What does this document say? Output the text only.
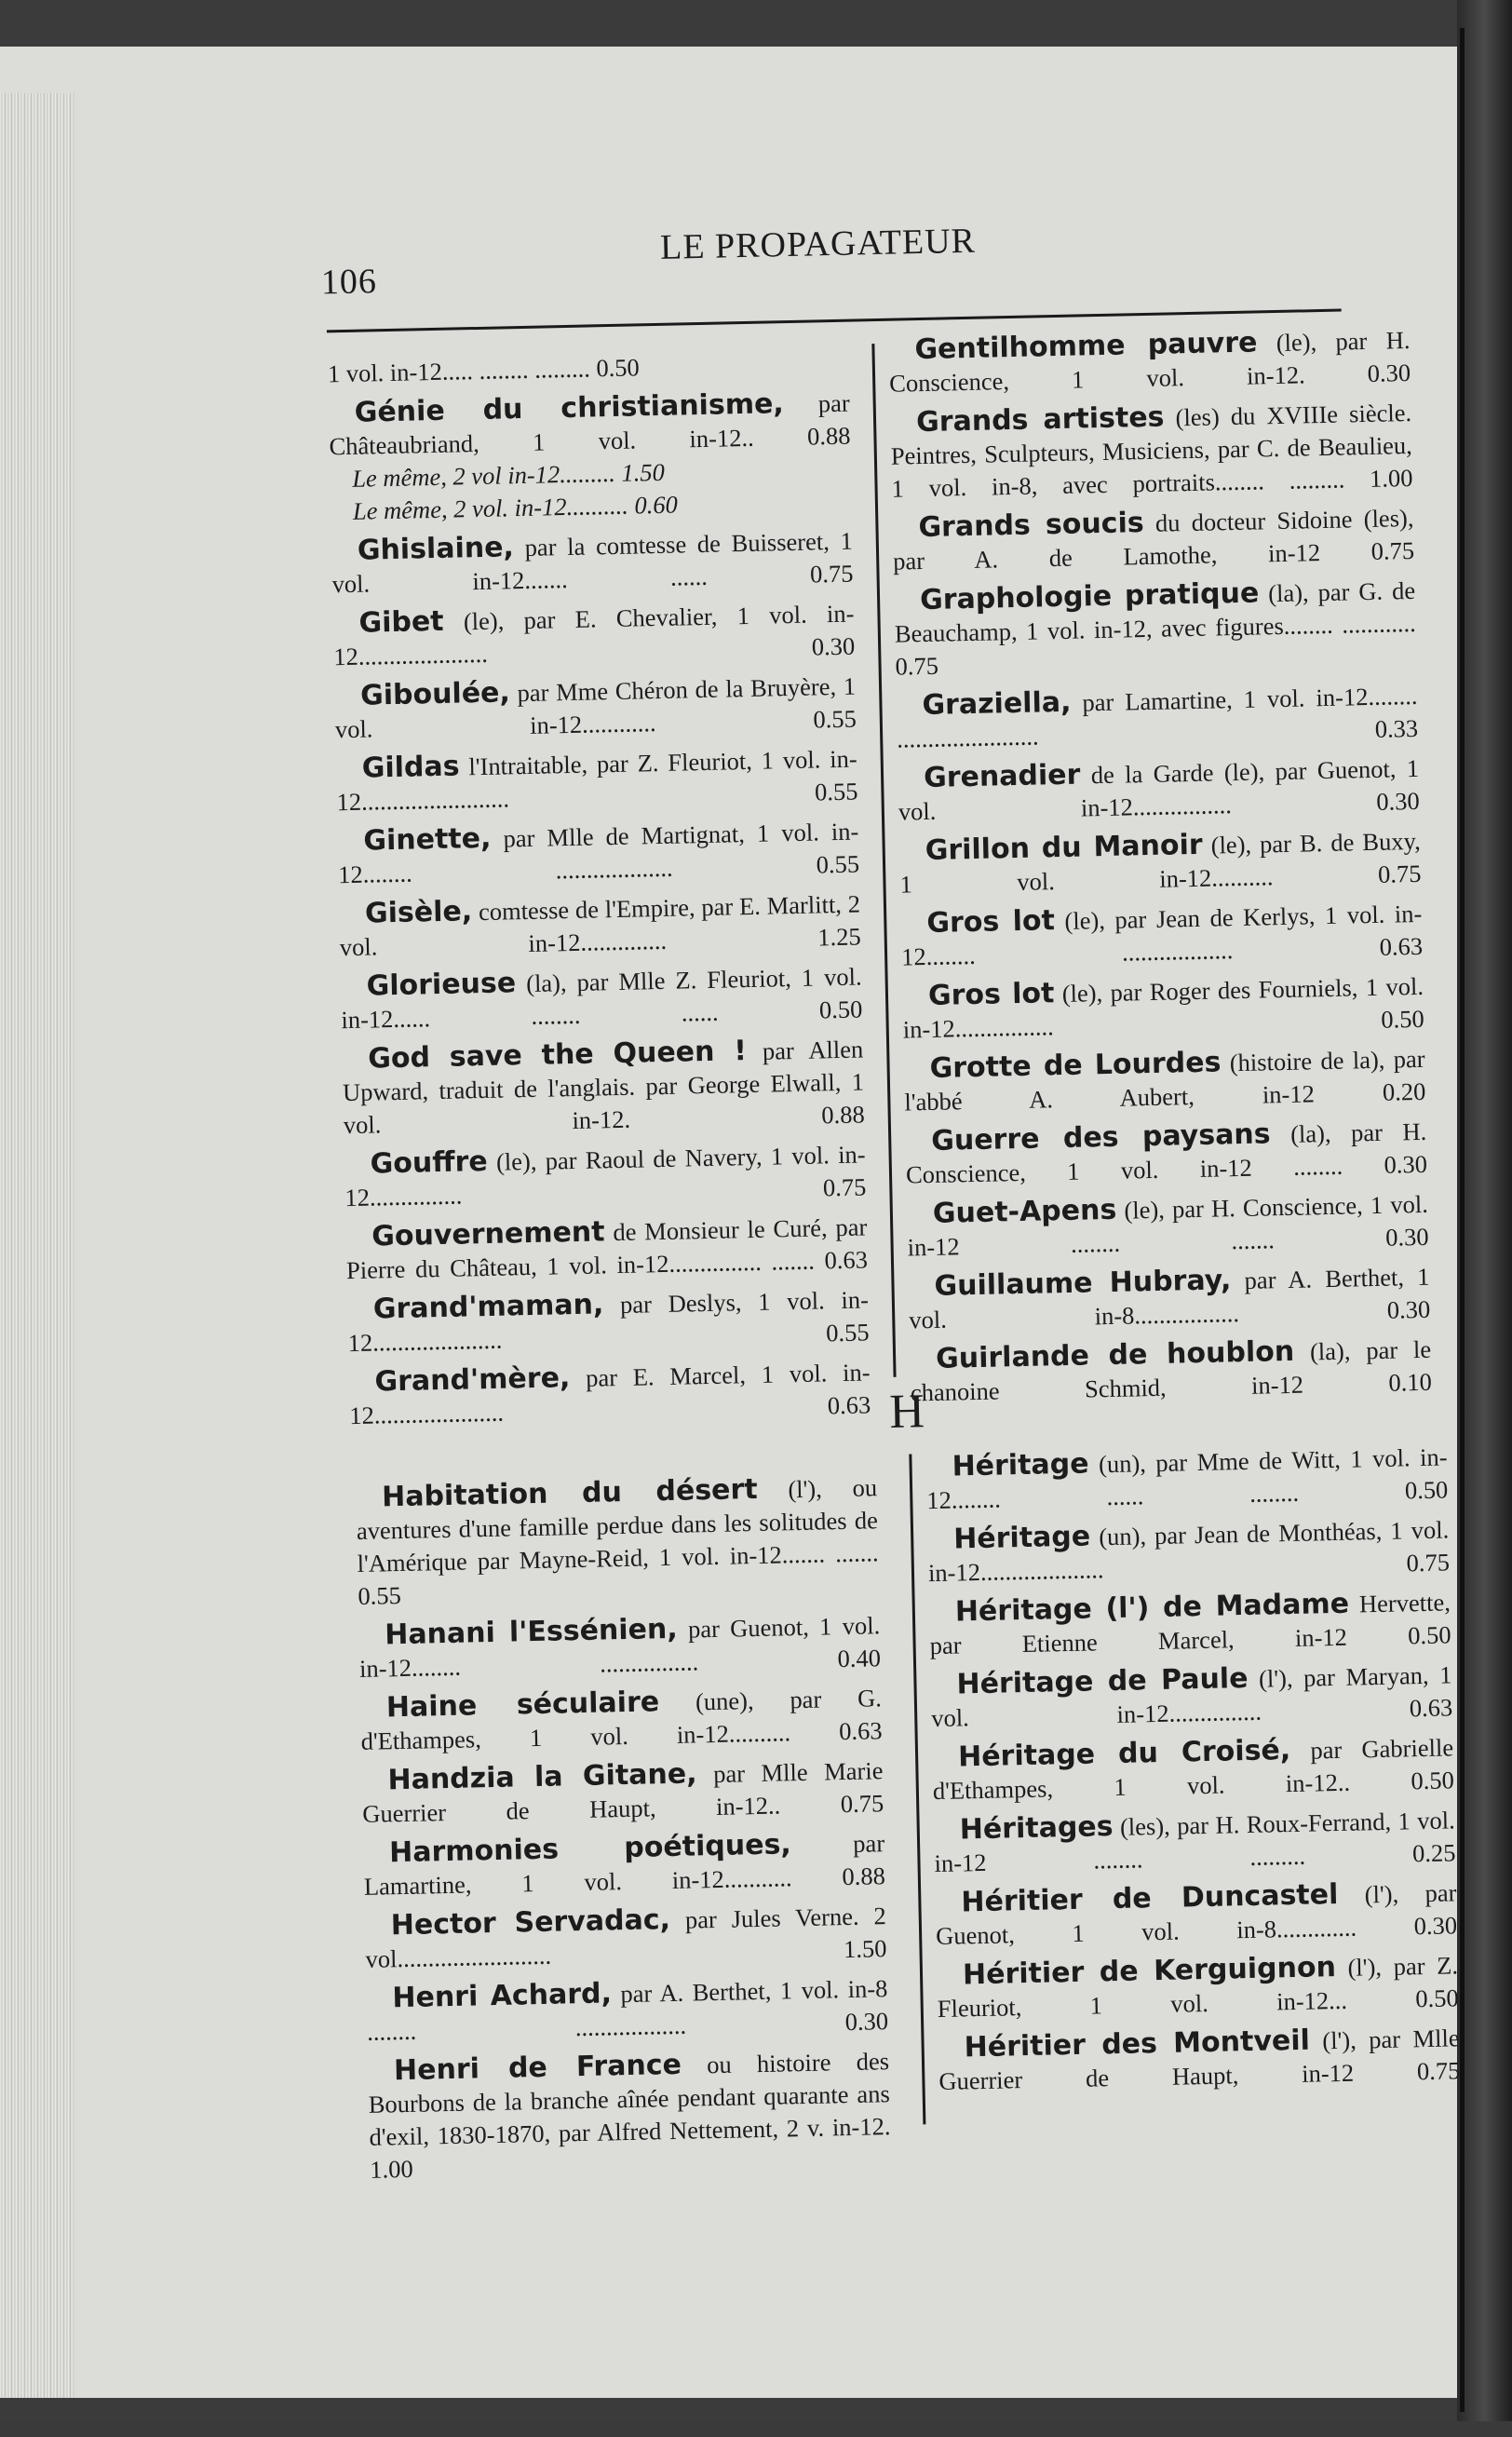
106
LE PROPAGATEUR

1 vol. in-12..... ........ ......... 0.50

Génie du christianisme, par Châteaubriand, 1 vol. in-12.. 0.88

Le même, 2 vol in-12......... 1.50

Le même, 2 vol. in-12.......... 0.60

Ghislaine, par la comtesse de Buisseret, 1 vol. in-12....... ...... 0.75

Gibet (le), par E. Chevalier, 1 vol. in-12..................... 0.30

Giboulée, par Mme Chéron de la Bruyère, 1 vol. in-12............ 0.55

Gildas l'Intraitable, par Z. Fleuriot, 1 vol. in-12........................ 0.55

Ginette, par Mlle de Martignat, 1 vol. in-12........ ................... 0.55

Gisèle, comtesse de l'Empire, par E. Marlitt, 2 vol. in-12.............. 1.25

Glorieuse (la), par Mlle Z. Fleuriot, 1 vol. in-12...... ........ ...... 0.50

God save the Queen ! par Allen Upward, traduit de l'anglais. par George Elwall, 1 vol. in-12. 0.88

Gouffre (le), par Raoul de Navery, 1 vol. in-12............... 0.75

Gouvernement de Monsieur le Curé, par Pierre du Château, 1 vol. in-12............... ....... 0.63

Grand'maman, par Deslys, 1 vol. in-12..................... 0.55

Grand'mère, par E. Marcel, 1 vol. in-12..................... 0.63

Gentilhomme pauvre (le), par H. Conscience, 1 vol. in-12. 0.30

Grands artistes (les) du XVIIIe siècle. Peintres, Sculpteurs, Musiciens, par C. de Beaulieu, 1 vol. in-8, avec portraits........ ......... 1.00

Grands soucis du docteur Sidoine (les), par A. de Lamothe, in-12 0.75

Graphologie pratique (la), par G. de Beauchamp, 1 vol. in-12, avec figures........ ............ 0.75

Graziella, par Lamartine, 1 vol. in-12........ ....................... 0.33

Grenadier de la Garde (le), par Guenot, 1 vol. in-12................ 0.30

Grillon du Manoir (le), par B. de Buxy, 1 vol. in-12.......... 0.75

Gros lot (le), par Jean de Kerlys, 1 vol. in-12........ .................. 0.63

Gros lot (le), par Roger des Fourniels, 1 vol. in-12................ 0.50

Grotte de Lourdes (histoire de la), par l'abbé A. Aubert, in-12 0.20

Guerre des paysans (la), par H. Conscience, 1 vol. in-12 ........ 0.30

Guet-Apens (le), par H. Conscience, 1 vol. in-12 ........ ....... 0.30

Guillaume Hubray, par A. Berthet, 1 vol. in-8................. 0.30

Guirlande de houblon (la), par le chanoine Schmid, in-12 0.10

H

Habitation du désert (l'), ou aventures d'une famille perdue dans les solitudes de l'Amérique par Mayne-Reid, 1 vol. in-12....... ....... 0.55

Hanani l'Essénien, par Guenot, 1 vol. in-12........ ................ 0.40

Haine séculaire (une), par G. d'Ethampes, 1 vol. in-12.......... 0.63

Handzia la Gitane, par Mlle Marie Guerrier de Haupt, in-12.. 0.75

Harmonies poétiques, par Lamartine, 1 vol. in-12........... 0.88

Hector Servadac, par Jules Verne. 2 vol......................... 1.50

Henri Achard, par A. Berthet, 1 vol. in-8 ........ .................. 0.30

Henri de France ou histoire des Bourbons de la branche aînée pendant quarante ans d'exil, 1830-1870, par Alfred Nettement, 2 v. in-12. 1.00

Héritage (un), par Mme de Witt, 1 vol. in-12........ ...... ........ 0.50

Héritage (un), par Jean de Monthéas, 1 vol. in-12.................... 0.75

Héritage (l') de Madame Hervette, par Etienne Marcel, in-12 0.50

Héritage de Paule (l'), par Maryan, 1 vol. in-12............... 0.63

Héritage du Croisé, par Gabrielle d'Ethampes, 1 vol. in-12.. 0.50

Héritages (les), par H. Roux-Ferrand, 1 vol. in-12 ........ ......... 0.25

Héritier de Duncastel (l'), par Guenot, 1 vol. in-8............. 0.30

Héritier de Kerguignon (l'), par Z. Fleuriot, 1 vol. in-12... 0.50

Héritier des Montveil (l'), par Mlle Guerrier de Haupt, in-12 0.75
